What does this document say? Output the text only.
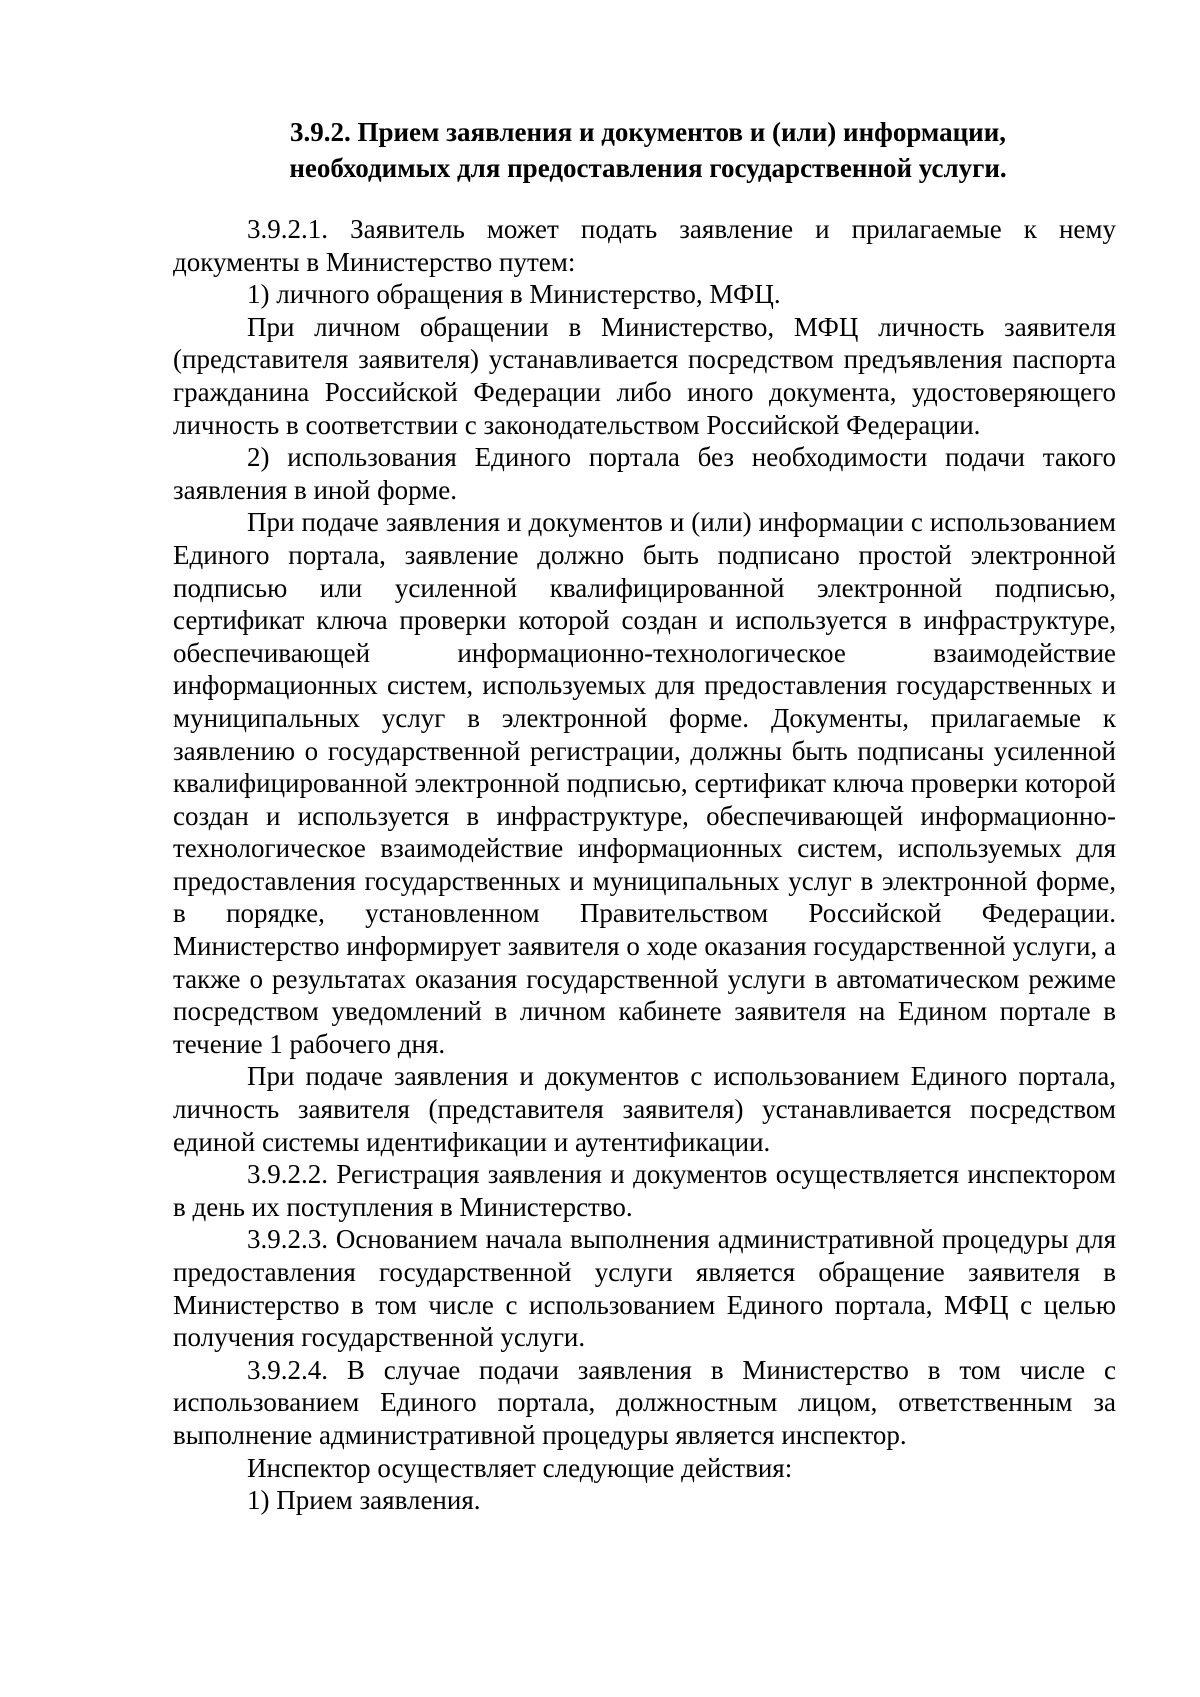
3.9.2. Прием заявления и документов и (или) информации,
необходимых для предоставления государственной услуги.

3.9.2.1. Заявитель может подать заявление и прилагаемые к нему документы в Министерство путем:

1) личного обращения в Министерство, МФЦ.

При личном обращении в Министерство, МФЦ личность заявителя (представителя заявителя) устанавливается посредством предъявления паспорта гражданина Российской Федерации либо иного документа, удостоверяющего личность в соответствии с законодательством Российской Федерации.

2) использования Единого портала без необходимости подачи такого заявления в иной форме.

При подаче заявления и документов и (или) информации с использованием Единого портала, заявление должно быть подписано простой электронной подписью или усиленной квалифицированной электронной подписью, сертификат ключа проверки которой создан и используется в инфраструктуре, обеспечивающей информационно-технологическое взаимодействие информационных систем, используемых для предоставления государственных и муниципальных услуг в электронной форме. Документы, прилагаемые к заявлению о государственной регистрации, должны быть подписаны усиленной квалифицированной электронной подписью, сертификат ключа проверки которой создан и используется в инфраструктуре, обеспечивающей информационно-технологическое взаимодействие информационных систем, используемых для предоставления государственных и муниципальных услуг в электронной форме, в порядке, установленном Правительством Российской Федерации. Министерство информирует заявителя о ходе оказания государственной услуги, а также о результатах оказания государственной услуги в автоматическом режиме посредством уведомлений в личном кабинете заявителя на Едином портале в течение 1 рабочего дня.

При подаче заявления и документов с использованием Единого портала, личность заявителя (представителя заявителя) устанавливается посредством единой системы идентификации и аутентификации.

3.9.2.2. Регистрация заявления и документов осуществляется инспектором в день их поступления в Министерство.

3.9.2.3. Основанием начала выполнения административной процедуры для предоставления государственной услуги является обращение заявителя в Министерство в том числе с использованием Единого портала, МФЦ с целью получения государственной услуги.

3.9.2.4. В случае подачи заявления в Министерство в том числе с использованием Единого портала, должностным лицом, ответственным за выполнение административной процедуры является инспектор.

Инспектор осуществляет следующие действия:

1) Прием заявления.
